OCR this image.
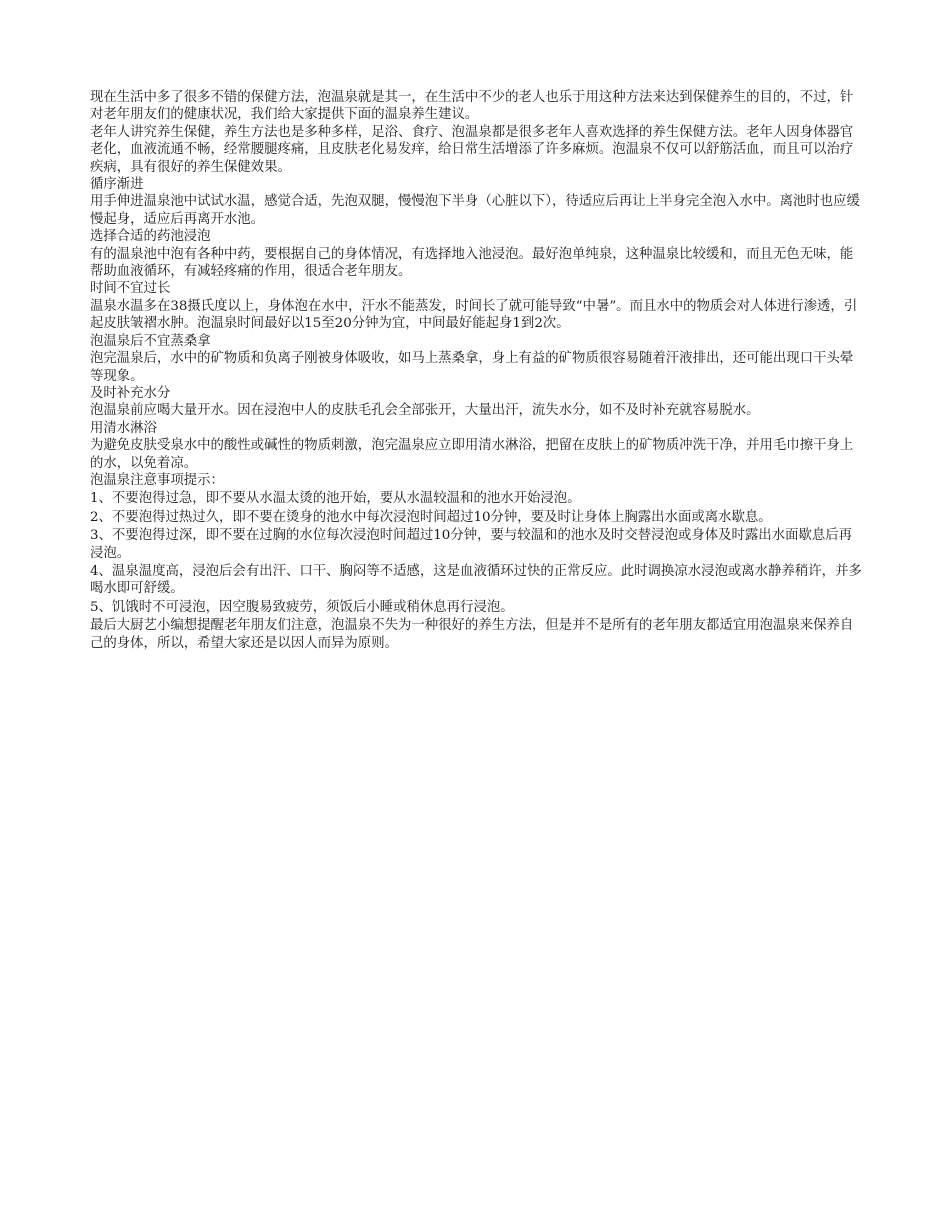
现在生活中多了很多不错的保健方法，泡温泉就是其一，在生活中不少的老人也乐于用这种方法来达到保健养生的目的，不过，针对老年朋友们的健康状况，我们给大家提供下面的温泉养生建议。

老年人讲究养生保健，养生方法也是多种多样，足浴、食疗、泡温泉都是很多老年人喜欢选择的养生保健方法。老年人因身体器官老化，血液流通不畅，经常腰腿疼痛，且皮肤老化易发痒，给日常生活增添了许多麻烦。泡温泉不仅可以舒筋活血，而且可以治疗疾病，具有很好的养生保健效果。

循序渐进

用手伸进温泉池中试试水温，感觉合适，先泡双腿，慢慢泡下半身（心脏以下），待适应后再让上半身完全泡入水中。离池时也应缓慢起身，适应后再离开水池。

选择合适的药池浸泡

有的温泉池中泡有各种中药，要根据自己的身体情况，有选择地入池浸泡。最好泡单纯泉，这种温泉比较缓和，而且无色无味，能帮助血液循环，有减轻疼痛的作用，很适合老年朋友。

时间不宜过长

温泉水温多在38摄氏度以上，身体泡在水中，汗水不能蒸发，时间长了就可能导致“中暑”。而且水中的物质会对人体进行渗透，引起皮肤皱褶水肿。泡温泉时间最好以15至20分钟为宜，中间最好能起身1到2次。

泡温泉后不宜蒸桑拿

泡完温泉后，水中的矿物质和负离子刚被身体吸收，如马上蒸桑拿，身上有益的矿物质很容易随着汗液排出，还可能出现口干头晕等现象。

及时补充水分

泡温泉前应喝大量开水。因在浸泡中人的皮肤毛孔会全部张开，大量出汗，流失水分，如不及时补充就容易脱水。

用清水淋浴

为避免皮肤受泉水中的酸性或碱性的物质刺激，泡完温泉应立即用清水淋浴，把留在皮肤上的矿物质冲洗干净，并用毛巾擦干身上的水，以免着凉。

泡温泉注意事项提示：

1、不要泡得过急，即不要从水温太烫的池开始，要从水温较温和的池水开始浸泡。

2、不要泡得过热过久，即不要在烫身的池水中每次浸泡时间超过10分钟，要及时让身体上胸露出水面或离水歇息。

3、不要泡得过深，即不要在过胸的水位每次浸泡时间超过10分钟，要与较温和的池水及时交替浸泡或身体及时露出水面歇息后再浸泡。

4、温泉温度高，浸泡后会有出汗、口干、胸闷等不适感，这是血液循环过快的正常反应。此时调换凉水浸泡或离水静养稍许，并多喝水即可舒缓。

5、饥饿时不可浸泡，因空腹易致疲劳，须饭后小睡或稍休息再行浸泡。

最后大厨艺小编想提醒老年朋友们注意，泡温泉不失为一种很好的养生方法，但是并不是所有的老年朋友都适宜用泡温泉来保养自己的身体，所以，希望大家还是以因人而异为原则。
